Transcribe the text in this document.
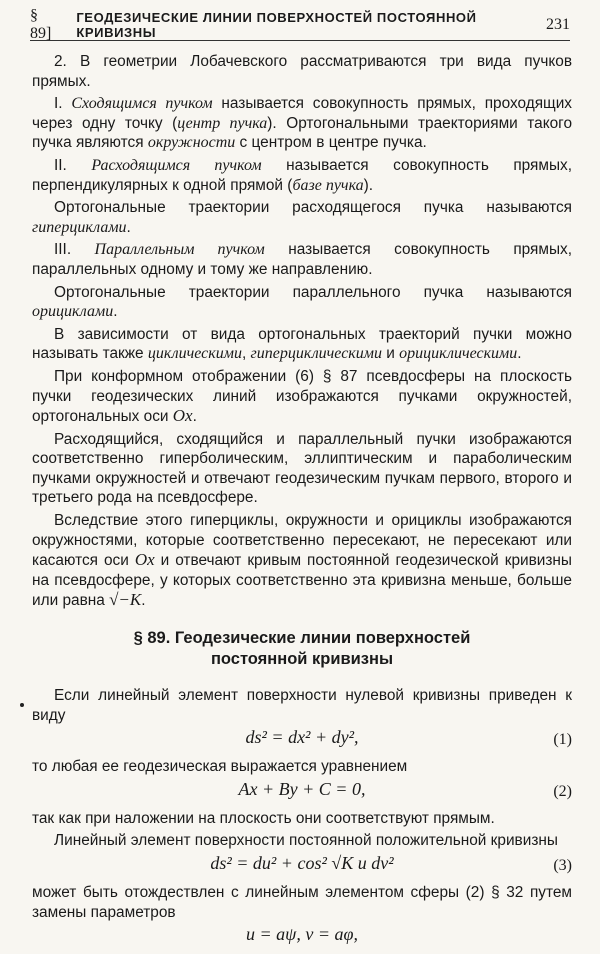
§ 89]
ГЕОДЕЗИЧЕСКИЕ ЛИНИИ ПОВЕРХНОСТЕЙ ПОСТОЯННОЙ КРИВИЗНЫ	231

2. В геометрии Лобачевского рассматриваются три вида пучков прямых.

I. Сходящимся пучком называется совокупность прямых, проходящих через одну точку (центр пучка). Ортогональными траекториями такого пучка являются окружности с центром в центре пучка.

II. Расходящимся пучком называется совокупность прямых, перпендикулярных к одной прямой (базе пучка).

Ортогональные траектории расходящегося пучка называются гиперциклами.

III. Параллельным пучком называется совокупность прямых, параллельных одному и тому же направлению.

Ортогональные траектории параллельного пучка называются орициклами.

В зависимости от вида ортогональных траекторий пучки можно называть также циклическими, гиперциклическими и орициклическими.

При конформном отображении (6) § 87 псевдосферы на плоскость пучки геодезических линий изображаются пучками окружностей, ортогональных оси Ox.

Расходящийся, сходящийся и параллельный пучки изображаются соответственно гиперболическим, эллиптическим и параболическим пучками окружностей и отвечают геодезическим пучкам первого, второго и третьего рода на псевдосфере.

Вследствие этого гиперциклы, окружности и орициклы изображаются окружностями, которые соответственно пересекают, не пересекают или касаются оси Ox и отвечают кривым постоянной геодезической кривизны на псевдосфере, у которых соответственно эта кривизна меньше, больше или равна √−K.

§ 89. Геодезические линии поверхностей
постоянной кривизны

Если линейный элемент поверхности нулевой кривизны приведен к виду

ds² = dx² + dy²,	(1)

то любая ее геодезическая выражается уравнением

Ax + By + C = 0,	(2)

так как при наложении на плоскость они соответствуют прямым.

Линейный элемент поверхности постоянной положительной кривизны

ds² = du² + cos² √K u dv²	(3)

может быть отождествлен с линейным элементом сферы (2) § 32 путем замены параметров

u = aψ, v = aφ,
